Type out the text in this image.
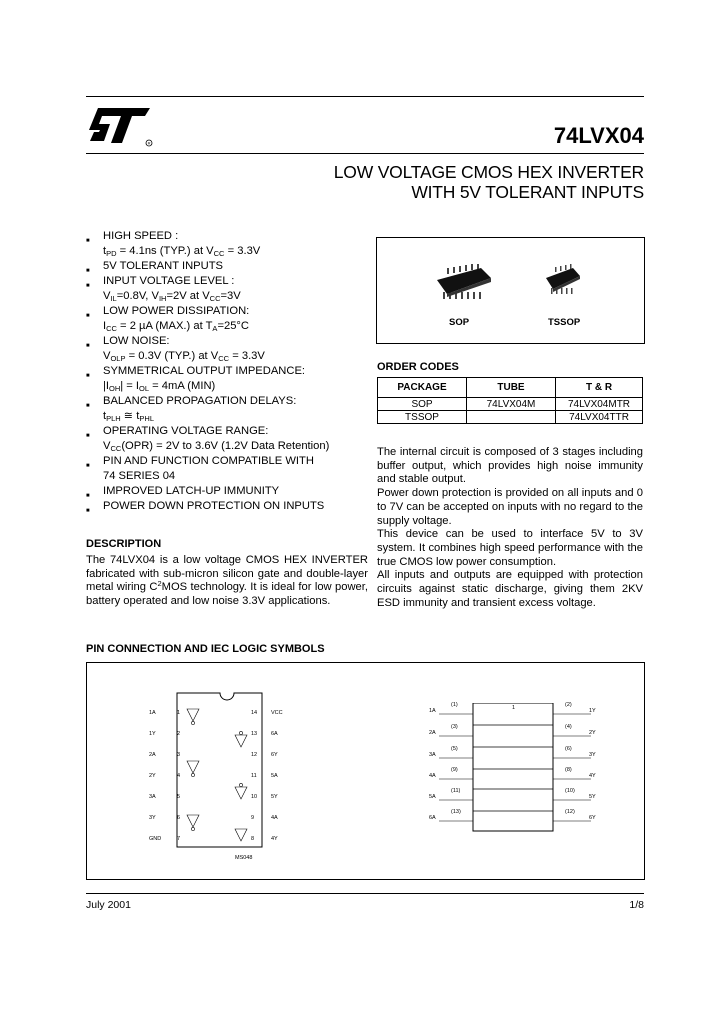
R	74LVX04
LOW VOLTAGE CMOS HEX INVERTER
WITH 5V TOLERANT INPUTS
■ HIGH SPEED :
$t_{PD} = 4.1ns$ (TYP.) at $V_{CC} = 3.3V$
■ 5V TOLERANT INPUTS
■ INPUT VOLTAGE LEVEL :
$V_{IL}=0.8V$, $V_{IH}=2V$ at $V_{CC}=3V$
■ LOW POWER DISSIPATION:
$I_{CC} = 2$ µA (MAX.) at $T_A=25^\circ C$
■ LOW NOISE:
$V_{OLP} = 0.3V$ (TYP.) at $V_{CC} = 3.3V$
■ SYMMETRICAL OUTPUT IMPEDANCE:
$|I_{OH}| = I_{OL} = 4mA$ (MIN)
■ BALANCED PROPAGATION DELAYS:
$t_{PLH}$ ≅ $t_{PHL}$
■ OPERATING VOLTAGE RANGE:
$V_{CC}(OPR) = 2V$ to 3.6V (1.2V Data Retention)
■ PIN AND FUNCTION COMPATIBLE WITH
74 SERIES 04
■ IMPROVED LATCH-UP IMMUNITY
■ POWER DOWN PROTECTION ON INPUTS
SOP	TSSOP
ORDER CODES
PACKAGE	TUBE	T & R
SOP	74LVX04M	74LVX04MTR
TSSOP		74LVX04TTR
The internal circuit is composed of 3 stages including buffer output, which provides high noise immunity and stable output.
Power down protection is provided on all inputs and 0 to 7V can be accepted on inputs with no regard to the supply voltage.
This device can be used to interface 5V to 3V system. It combines high speed performance with the true CMOS low power consumption.
All inputs and outputs are equipped with protection circuits against static discharge, giving them 2KV ESD immunity and transient excess voltage.
DESCRIPTION
The 74LVX04 is a low voltage CMOS HEX INVERTER fabricated with sub-micron silicon gate and double-layer metal wiring $C^2MOS$ technology. It is ideal for low power, battery operated and low noise 3.3V applications.
PIN CONNECTION AND IEC LOGIC SYMBOLS
MS048
1A	1
1Y	2
2A	3
2Y	4
3A	5
3Y	6
GND	7
VCC
14
6A
13
6Y
12
5A
11
5Y
10
4A
9
4Y
8
1A
(1)	(2)
1Y
2A
(3)	(4)
2Y
3A
(5)	(6)
3Y
4A
(9)	(8)
4Y
5A
(11)	(10)
5Y
6A
(13)	(12)
6Y
1
July 2001	1/8
